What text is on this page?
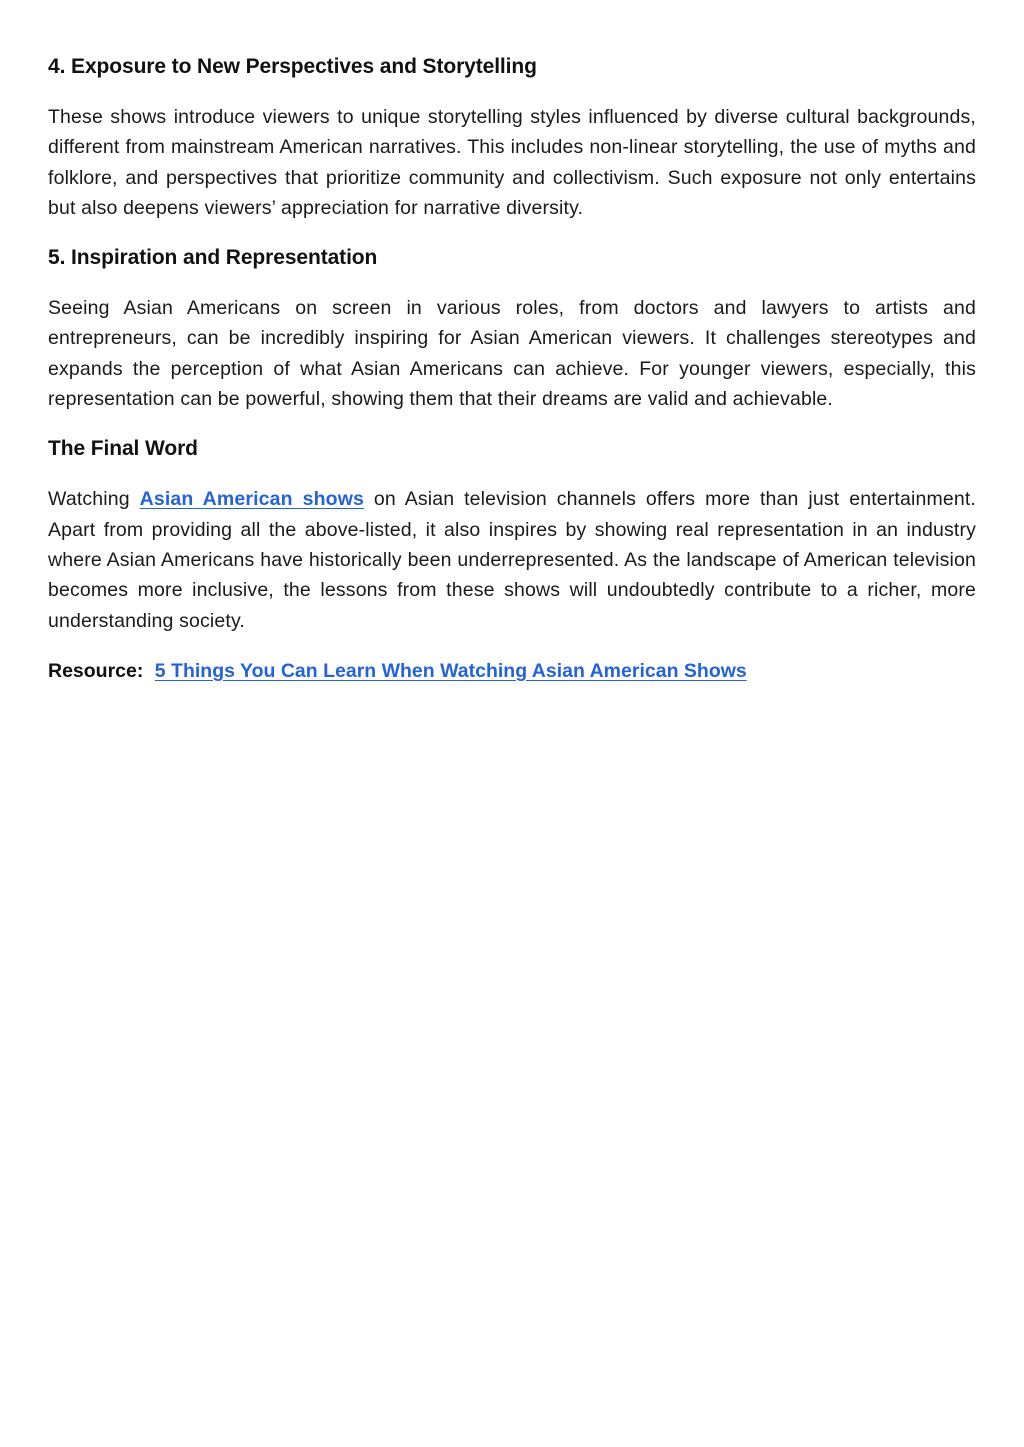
4. Exposure to New Perspectives and Storytelling

These shows introduce viewers to unique storytelling styles influenced by diverse cultural backgrounds, different from mainstream American narratives. This includes non-linear storytelling, the use of myths and folklore, and perspectives that prioritize community and collectivism. Such exposure not only entertains but also deepens viewers’ appreciation for narrative diversity.

5. Inspiration and Representation

Seeing Asian Americans on screen in various roles, from doctors and lawyers to artists and entrepreneurs, can be incredibly inspiring for Asian American viewers. It challenges stereotypes and expands the perception of what Asian Americans can achieve. For younger viewers, especially, this representation can be powerful, showing them that their dreams are valid and achievable.

The Final Word

Watching Asian American shows on Asian television channels offers more than just entertainment. Apart from providing all the above-listed, it also inspires by showing real representation in an industry where Asian Americans have historically been underrepresented. As the landscape of American television becomes more inclusive, the lessons from these shows will undoubtedly contribute to a richer, more understanding society.

Resource: 5 Things You Can Learn When Watching Asian American Shows
